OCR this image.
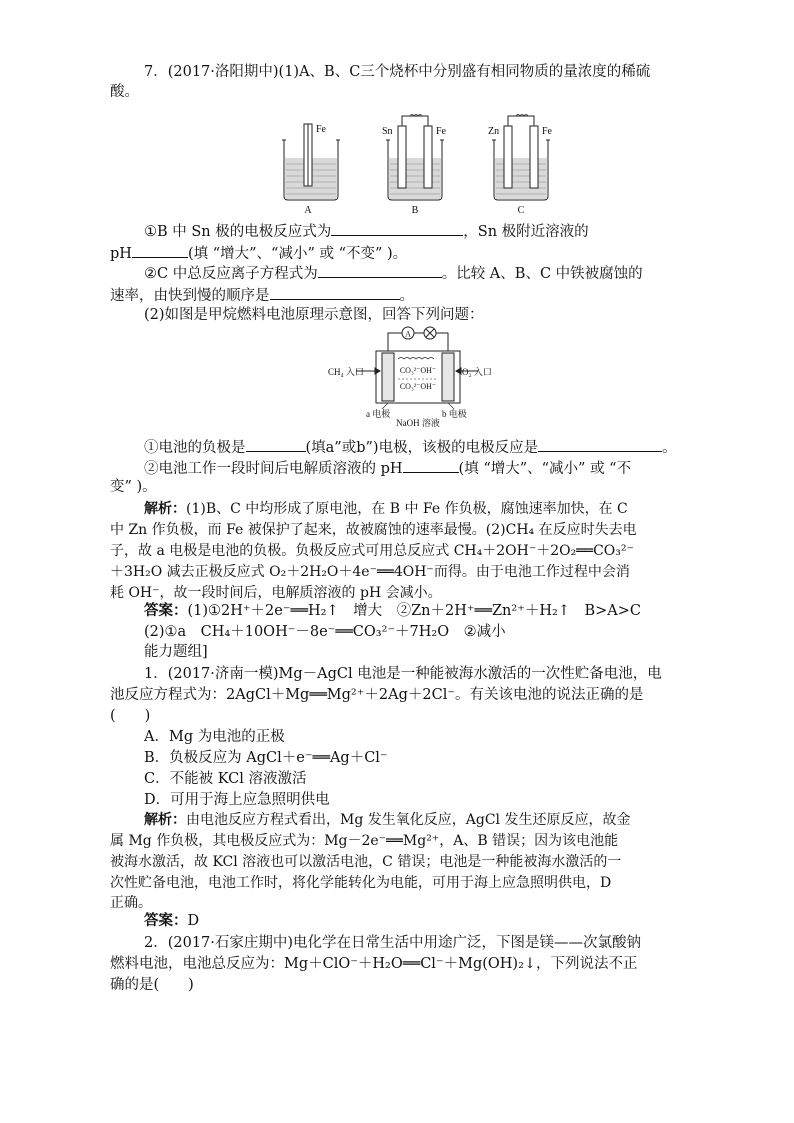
7．(2017·洛阳期中)(1)A、B、C三个烧杯中分别盛有相同物质的量浓度的稀硫
酸。
Fe
A
Sn	Fe
B
Zn	Fe
C
①B 中 Sn 极的电极反应式为	，Sn 极附近溶液的
pH	(填 “增大”、“减小” 或 “不变” )。
②C 中总反应离子方程式为	。比较 A、B、C 中铁被腐蚀的
速率，由快到慢的顺序是	。
(2)如图是甲烷燃料电池原理示意图，回答下列问题：
A
CH₄ 入口	O₂ 入口
CO₃²⁻OH⁻
CO₃²⁻OH⁻
a 电极	b 电极
NaOH 溶液
①电池的负极是	(填a”或b”)电极，该极的电极反应是	。
②电池工作一段时间后电解质溶液的 pH	(填 “增大”、“减小” 或 “不
变” )。
解析：(1)B、C 中均形成了原电池，在 B 中 Fe 作负极，腐蚀速率加快，在 C
中 Zn 作负极，而 Fe 被保护了起来，故被腐蚀的速率最慢。(2)CH₄ 在反应时失去电
子，故 a 电极是电池的负极。负极反应式可用总反应式 CH₄＋2OH⁻＋2O₂══CO₃²⁻
＋3H₂O 减去正极反应式 O₂＋2H₂O＋4e⁻══4OH⁻而得。由于电池工作过程中会消
耗 OH⁻，故一段时间后，电解质溶液的 pH 会减小。
答案：(1)①2H⁺＋2e⁻══H₂↑　增大　②Zn＋2H⁺══Zn²⁺＋H₂↑　B>A>C
(2)①a　CH₄＋10OH⁻－8e⁻══CO₃²⁻＋7H₂O　②减小
能力题组]
1．(2017·济南一模)Mg－AgCl 电池是一种能被海水激活的一次性贮备电池，电
池反应方程式为：2AgCl＋Mg══Mg²⁺＋2Ag＋2Cl⁻。有关该电池的说法正确的是
(　　)
A．Mg 为电池的正极
B．负极反应为 AgCl＋e⁻══Ag＋Cl⁻
C．不能被 KCl 溶液激活
D．可用于海上应急照明供电
解析：由电池反应方程式看出，Mg 发生氧化反应，AgCl 发生还原反应，故金
属 Mg 作负极，其电极反应式为：Mg－2e⁻══Mg²⁺，A、B 错误；因为该电池能
被海水激活，故 KCl 溶液也可以激活电池，C 错误；电池是一种能被海水激活的一
次性贮备电池，电池工作时，将化学能转化为电能，可用于海上应急照明供电，D
正确。
答案：D
2．(2017·石家庄期中)电化学在日常生活中用途广泛，下图是镁——次氯酸钠
燃料电池，电池总反应为：Mg＋ClO⁻＋H₂O══Cl⁻＋Mg(OH)₂↓，下列说法不正
确的是(　　)
